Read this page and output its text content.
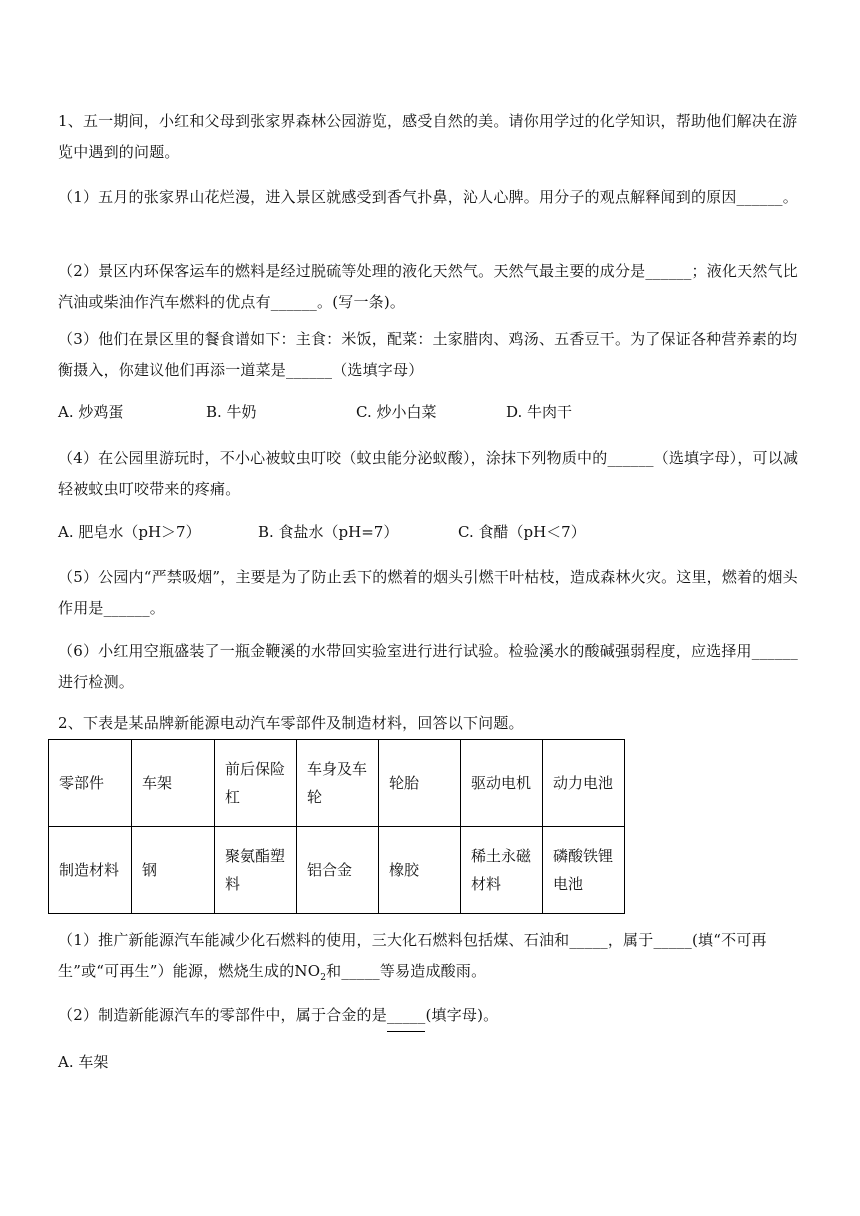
1、五一期间，小红和父母到张家界森林公园游览，感受自然的美。请你用学过的化学知识，帮助他们解决在游览中遇到的问题。

（1）五月的张家界山花烂漫，进入景区就感受到香气扑鼻，沁人心脾。用分子的观点解释闻到的原因______。

（2）景区内环保客运车的燃料是经过脱硫等处理的液化天然气。天然气最主要的成分是______；液化天然气比汽油或柴油作汽车燃料的优点有______。(写一条)。

（3）他们在景区里的餐食谱如下：主食：米饭，配菜：土家腊肉、鸡汤、五香豆干。为了保证各种营养素的均衡摄入，你建议他们再添一道菜是______（选填字母）

A. 炒鸡蛋	B. 牛奶	C. 炒小白菜	D. 牛肉干

（4）在公园里游玩时，不小心被蚊虫叮咬（蚊虫能分泌蚁酸），涂抹下列物质中的______（选填字母），可以减轻被蚊虫叮咬带来的疼痛。

A. 肥皂水（pH＞7）	B. 食盐水（pH=7）	C. 食醋（pH＜7）

（5）公园内“严禁吸烟”，主要是为了防止丢下的燃着的烟头引燃干叶枯枝，造成森林火灾。这里，燃着的烟头作用是______。

（6）小红用空瓶盛装了一瓶金鞭溪的水带回实验室进行进行试验。检验溪水的酸碱强弱程度，应选择用______进行检测。

2、下表是某品牌新能源电动汽车零部件及制造材料，回答以下问题。

零部件	车架	前后保险杠	车身及车轮	轮胎	驱动电机	动力电池
制造材料	钢	聚氨酯塑料	铝合金	橡胶	稀土永磁材料	磷酸铁锂电池

（1）推广新能源汽车能减少化石燃料的使用，三大化石燃料包括煤、石油和_____，属于_____(填“不可再生”或“可再生”）能源，燃烧生成的$NO_2$和_____等易造成酸雨。

（2）制造新能源汽车的零部件中，属于合金的是_____(填字母)。

A. 车架
